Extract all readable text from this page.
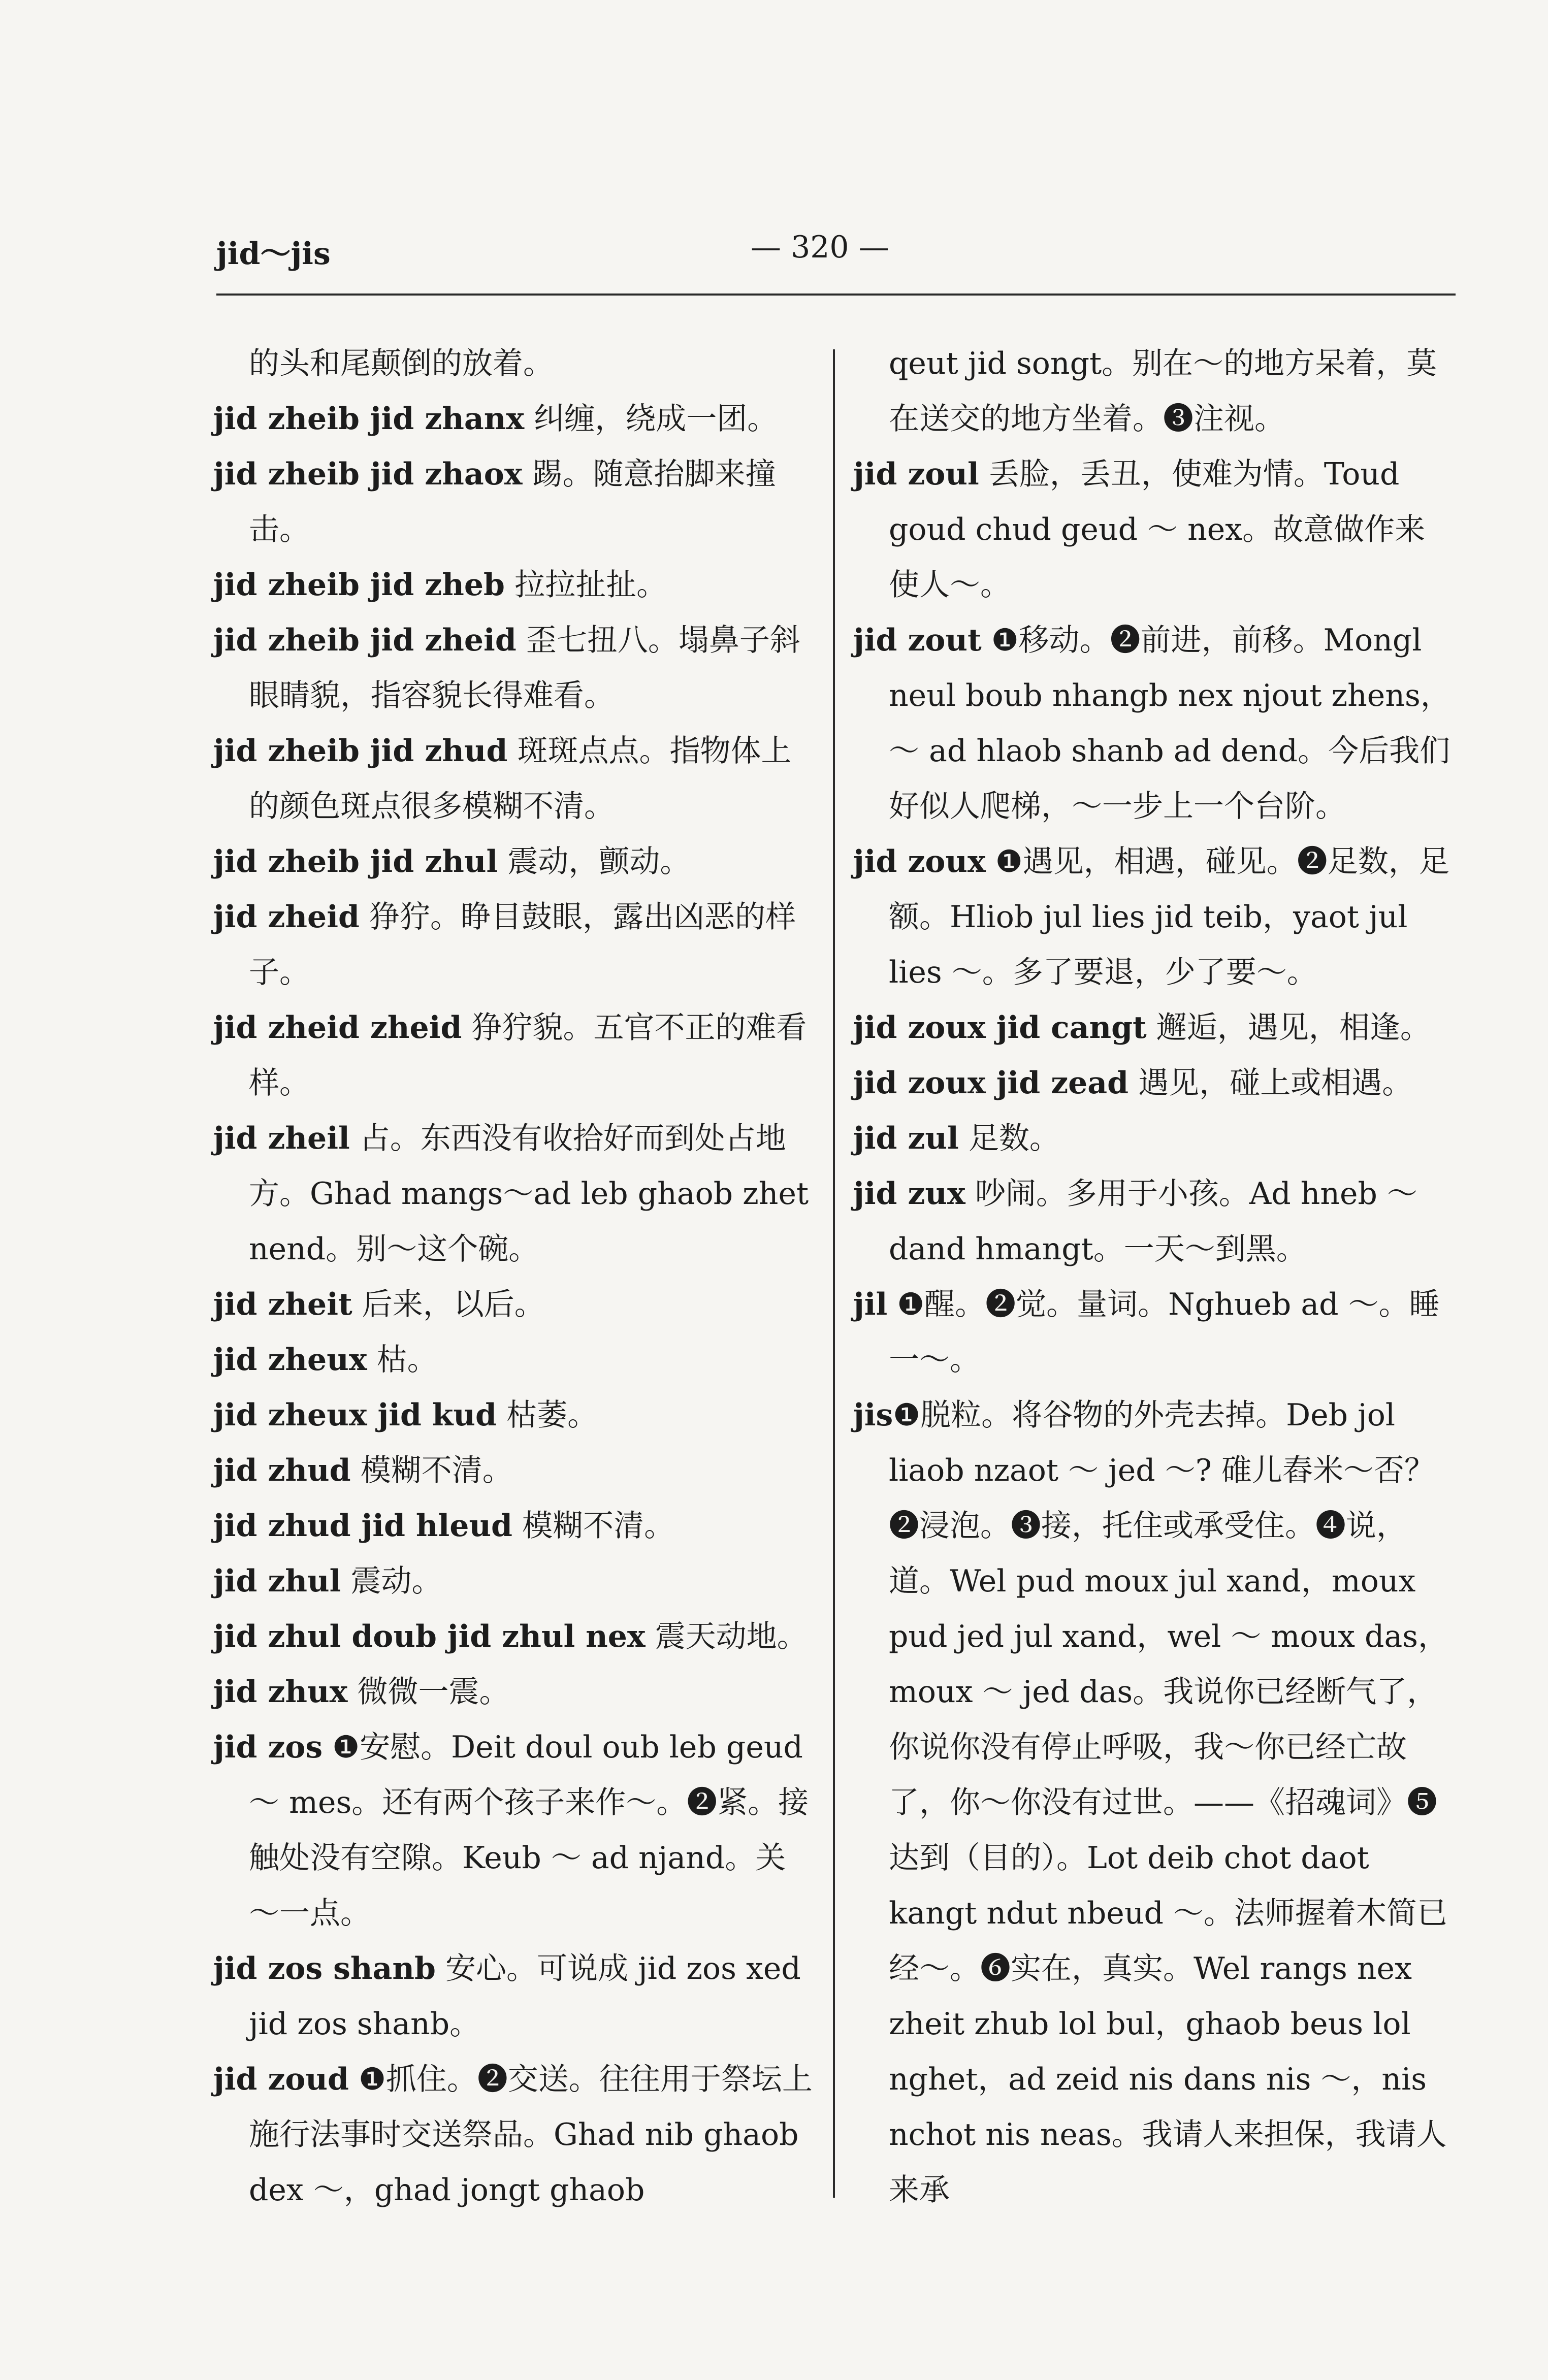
jid～jis	— 320 —

的头和尾颠倒的放着。

jid zheib jid zhanx 纠缠，绕成一团。

jid zheib jid zhaox 踢。随意抬脚来撞击。

jid zheib jid zheb 拉拉扯扯。

jid zheib jid zheid 歪七扭八。塌鼻子斜眼睛貌，指容貌长得难看。

jid zheib jid zhud 斑斑点点。指物体上的颜色斑点很多模糊不清。

jid zheib jid zhul 震动，颤动。

jid zheid 狰狞。睁目鼓眼，露出凶恶的样子。

jid zheid zheid 狰狞貌。五官不正的难看样。

jid zheil 占。东西没有收拾好而到处占地方。Ghad mangs～ad leb ghaob zhet nend。别～这个碗。

jid zheit 后来，以后。

jid zheux 枯。

jid zheux jid kud 枯萎。

jid zhud 模糊不清。

jid zhud jid hleud 模糊不清。

jid zhul 震动。

jid zhul doub jid zhul nex 震天动地。

jid zhux 微微一震。

jid zos ❶安慰。Deit doul oub leb geud ～ mes。还有两个孩子来作～。❷紧。接触处没有空隙。Keub ～ ad njand。关～一点。

jid zos shanb 安心。可说成 jid zos xed jid zos shanb。

jid zoud ❶抓住。❷交送。往往用于祭坛上施行法事时交送祭品。Ghad nib ghaob dex ～，ghad jongt ghaob

qeut jid songt。别在～的地方呆着，莫在送交的地方坐着。❸注视。

jid zoul 丢脸，丢丑，使难为情。Toud goud chud geud ～ nex。故意做作来使人～。

jid zout ❶移动。❷前进，前移。Mongl neul boub nhangb nex njout zhens，～ ad hlaob shanb ad dend。今后我们好似人爬梯，～一步上一个台阶。

jid zoux ❶遇见，相遇，碰见。❷足数，足额。Hliob jul lies jid teib，yaot jul lies ～。多了要退，少了要～。

jid zoux jid cangt 邂逅，遇见，相逢。

jid zoux jid zead 遇见，碰上或相遇。

jid zul 足数。

jid zux 吵闹。多用于小孩。Ad hneb ～ dand hmangt。一天～到黑。

jil ❶醒。❷觉。量词。Nghueb ad ～。睡一～。

jis❶脱粒。将谷物的外壳去掉。Deb jol liaob nzaot ～ jed ～? 碓儿舂米～否？❷浸泡。❸接，托住或承受住。❹说，道。Wel pud moux jul xand，moux pud jed jul xand，wel ～ moux das，moux ～ jed das。我说你已经断气了，你说你没有停止呼吸，我～你已经亡故了，你～你没有过世。——《招魂词》❺达到（目的）。Lot deib chot daot kangt ndut nbeud ～。法师握着木简已经～。❻实在，真实。Wel rangs nex zheit zhub lol bul，ghaob beus lol nghet，ad zeid nis dans nis ～，nis nchot nis neas。我请人来担保，我请人来承
